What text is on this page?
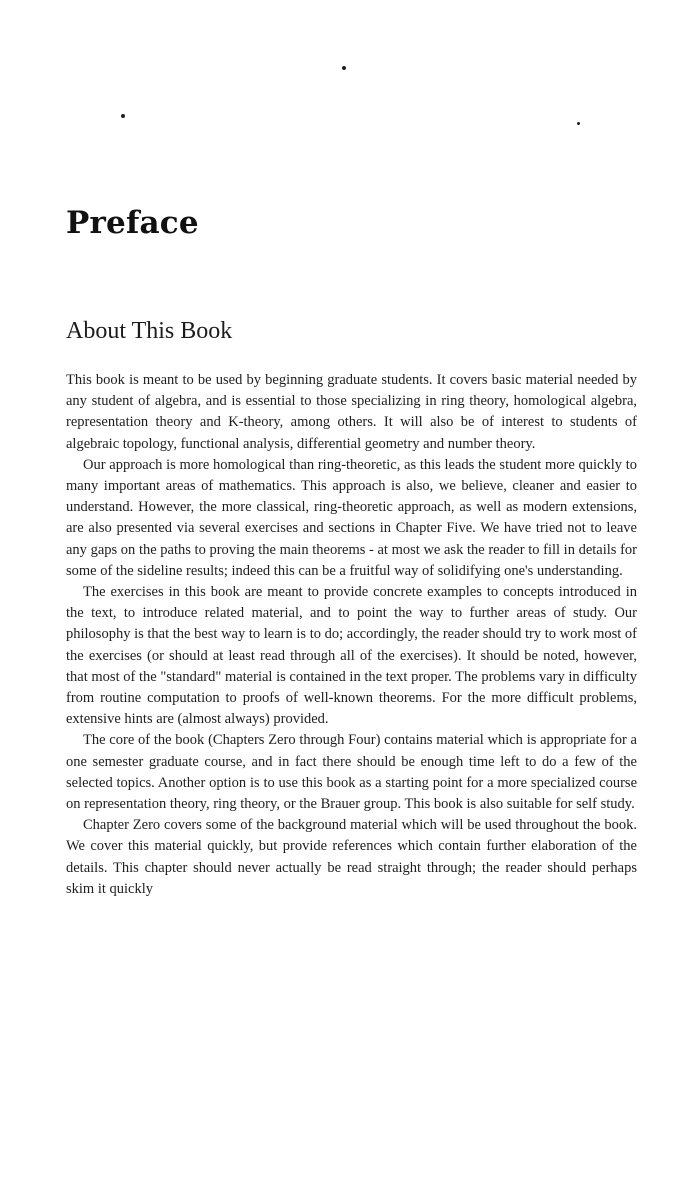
Preface
About This Book

This book is meant to be used by beginning graduate students. It covers basic material needed by any student of algebra, and is essential to those specializing in ring theory, homological algebra, representation theory and K-theory, among others. It will also be of interest to students of algebraic topology, functional analysis, differential geometry and number theory.

Our approach is more homological than ring-theoretic, as this leads the student more quickly to many important areas of mathematics. This approach is also, we believe, cleaner and easier to understand. However, the more classical, ring-theoretic approach, as well as modern extensions, are also presented via several exercises and sections in Chapter Five. We have tried not to leave any gaps on the paths to proving the main theorems - at most we ask the reader to fill in details for some of the sideline results; indeed this can be a fruitful way of solidifying one's understanding.

The exercises in this book are meant to provide concrete examples to concepts introduced in the text, to introduce related material, and to point the way to further areas of study. Our philosophy is that the best way to learn is to do; accordingly, the reader should try to work most of the exercises (or should at least read through all of the exercises). It should be noted, however, that most of the "standard" material is contained in the text proper. The problems vary in difficulty from routine computation to proofs of well-known theorems. For the more difficult problems, extensive hints are (almost always) provided.

The core of the book (Chapters Zero through Four) contains material which is appropriate for a one semester graduate course, and in fact there should be enough time left to do a few of the selected topics. Another option is to use this book as a starting point for a more specialized course on representation theory, ring theory, or the Brauer group. This book is also suitable for self study.

Chapter Zero covers some of the background material which will be used throughout the book. We cover this material quickly, but provide references which contain further elaboration of the details. This chapter should never actually be read straight through; the reader should perhaps skim it quickly
